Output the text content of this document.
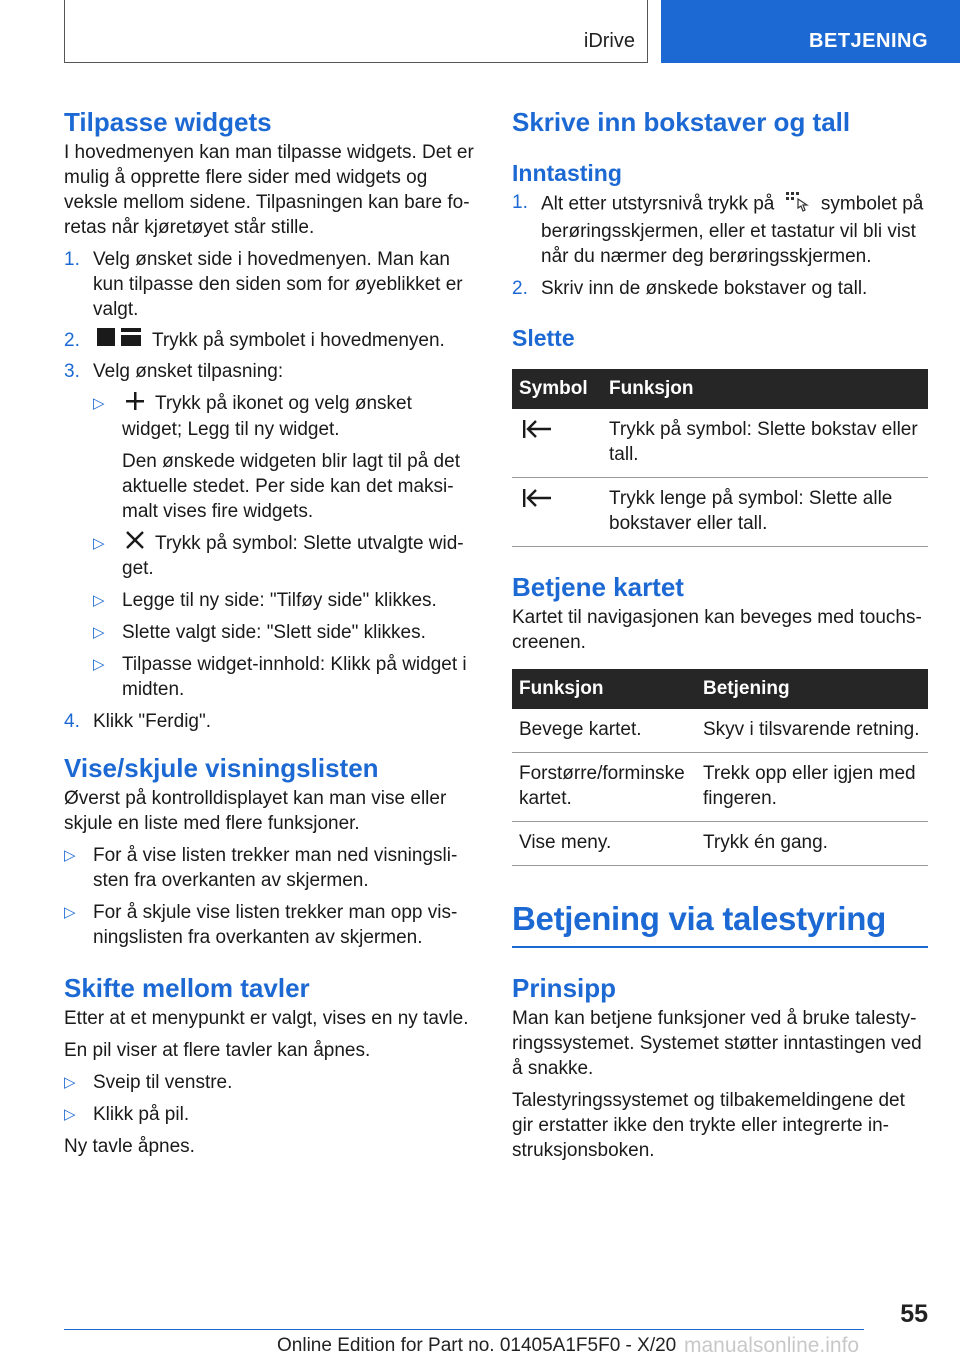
iDrive	BETJENING
Tilpasse widgets

I hovedmenyen kan man tilpasse widgets. Det er mulig å opprette flere sider med widgets og veksle mellom sidene. Tilpasningen kan bare fo- retas når kjøretøyet står stille.

1. Velg ønsket side i hovedmenyen. Man kan kun tilpasse den siden som for øyeblikket er valgt.
2.	Trykk på symbolet i hovedmenyen.
3. Velg ønsket tilpasning:
▷	Trykk på ikonet og velg ønsket widget; Legg til ny widget.
Den ønskede widgeten blir lagt til på det aktuelle stedet. Per side kan det maksi- malt vises fire widgets.
▷	Trykk på symbol: Slette utvalgte wid- get.
▷ Legge til ny side: "Tilføy side" klikkes.
▷ Slette valgt side: "Slett side" klikkes.
▷ Tilpasse widget-innhold: Klikk på widget i midten.
4. Klikk "Ferdig".
Vise/skjule visningslisten

Øverst på kontrolldisplayet kan man vise eller skjule en liste med flere funksjoner.

▷ For å vise listen trekker man ned visningsli- sten fra overkanten av skjermen.
▷ For å skjule vise listen trekker man opp vis- ningslisten fra overkanten av skjermen.
Skifte mellom tavler

Etter at et menypunkt er valgt, vises en ny tavle.

En pil viser at flere tavler kan åpnes.

▷ Sveip til venstre.
▷ Klikk på pil.

Ny tavle åpnes.

Skrive inn bokstaver og tall
Inntasting
1. Alt etter utstyrsnivå trykk på symbolet på berøringsskjermen, eller et tastatur vil bli vist når du nærmer deg berøringsskjermen.
2. Skriv inn de ønskede bokstaver og tall.
Slette
Symbol	Funksjon
	Trykk på symbol: Slette bokstav eller tall.
	Trykk lenge på symbol: Slette alle bokstaver eller tall.
Betjene kartet

Kartet til navigasjonen kan beveges med touchs- creenen.

Funksjon	Betjening
Bevege kartet.	Skyv i tilsvarende retning.
Forstørre/forminske kartet.	Trekk opp eller igjen med fingeren.
Vise meny.	Trykk én gang.
Betjening via talestyring
Prinsipp

Man kan betjene funksjoner ved å bruke talesty- ringssystemet. Systemet støtter inntastingen ved å snakke.

Talestyringssystemet og tilbakemeldingene det gir erstatter ikke den trykte eller integrerte in- struksjonsboken.

55
Online Edition for Part no. 01405A1F5F0 - X/20 manualsonline.info
